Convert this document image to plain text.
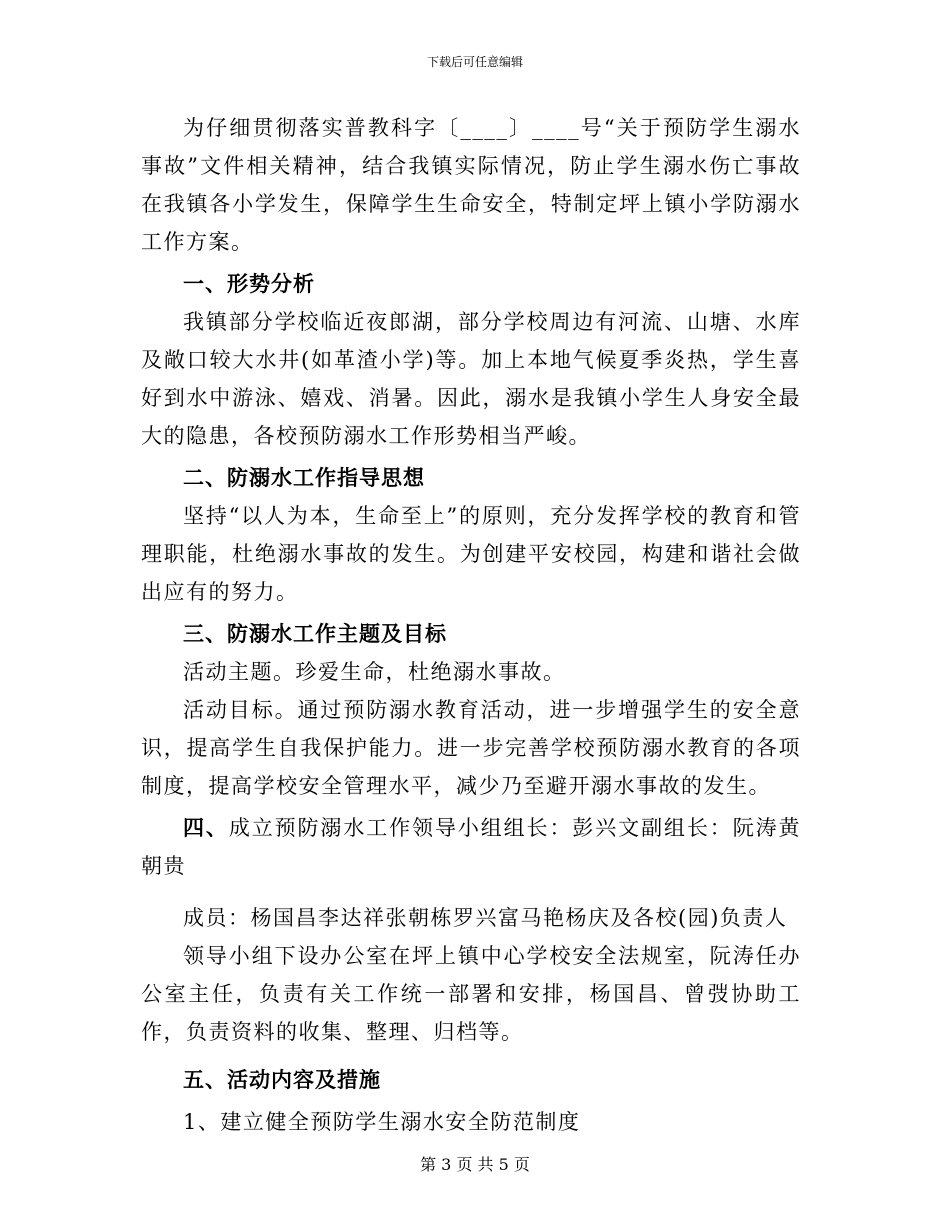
下载后可任意编辑

为仔细贯彻落实普教科字〔____〕____号“关于预防学生溺水事故”文件相关精神，结合我镇实际情况，防止学生溺水伤亡事故在我镇各小学发生，保障学生生命安全，特制定坪上镇小学防溺水工作方案。

一、形势分析

我镇部分学校临近夜郎湖，部分学校周边有河流、山塘、水库及敞口较大水井(如革渣小学)等。加上本地气候夏季炎热，学生喜好到水中游泳、嬉戏、消暑。因此，溺水是我镇小学生人身安全最大的隐患，各校预防溺水工作形势相当严峻。

二、防溺水工作指导思想

坚持“以人为本，生命至上”的原则，充分发挥学校的教育和管理职能，杜绝溺水事故的发生。为创建平安校园，构建和谐社会做出应有的努力。

三、防溺水工作主题及目标

活动主题。珍爱生命，杜绝溺水事故。

活动目标。通过预防溺水教育活动，进一步增强学生的安全意识，提高学生自我保护能力。进一步完善学校预防溺水教育的各项制度，提高学校安全管理水平，减少乃至避开溺水事故的发生。

四、成立预防溺水工作领导小组组长：彭兴文副组长：阮涛黄朝贵

成员：杨国昌李达祥张朝栋罗兴富马艳杨庆及各校(园)负责人

领导小组下设办公室在坪上镇中心学校安全法规室，阮涛任办公室主任，负责有关工作统一部署和安排，杨国昌、曾弢协助工作，负责资料的收集、整理、归档等。

五、活动内容及措施

1、建立健全预防学生溺水安全防范制度

第 3 页 共 5 页
